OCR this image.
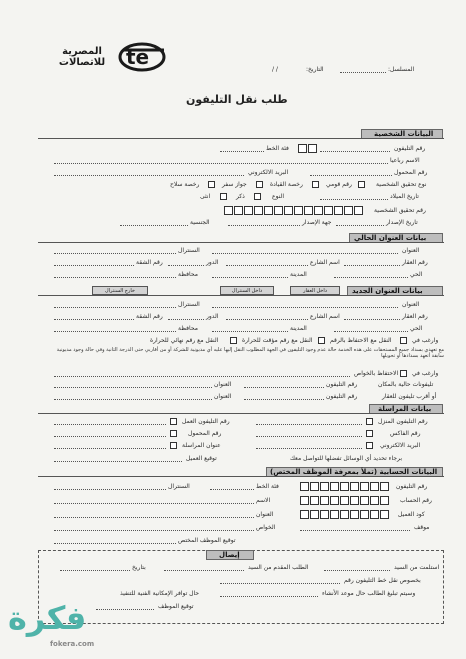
te
المصرية للاتصالات
المسلسل:
التاريخ:
/ /
طلب نقل التليفون
البيانات الشخصية
رقم التليفون
فئة الخط
الاسم رباعيا
رقم المحمول
البريد الالكتروني
نوع تحقيق الشخصية
رقم قومي
رخصة القيادة
جواز سفر
رخصة سلاح
تاريخ الميلاد
النوع
ذكر
انثى
رقم تحقيق الشخصية
تاريخ الإصدار
جهة الإصدار
الجنسية
بيانات العنوان الحالي
العنوان
السنترال
رقم العقار
اسم الشارع
الدور
رقم الشقة
الحي
المدينة
محافظة
بيانات العنوان الجديد
داخل العقار
داخل السنترال
خارج السنترال
العنوان
السنترال
رقم العقار
اسم الشارع
الدور
رقم الشقة
الحي
المدينة
محافظة
وارغب في
النقل مع الاحتفاظ بالرقم
النقل مع رقم مؤقت للحرارة
النقل مع رقم نهائي للحرارة
مع تعهدي بسداد جميع المستحقات على هذه الخدمة حالة عدم وجود التليفون في الجهة المطلوب النقل إليها عليه أي مديونية للشركة أو من أقاربي حتى الدرجة الثانية وفي حالة وجود مديونية سابقة أتعهد بسدادها أو تحويلها
وارغب في
الاحتفاظ بالخواص
تليفونات حالية بالمكان
رقم التليفون
العنوان
أو أقرب تليفون للعقار
رقم التليفون
العنوان
بيانات المراسلة
رقم التليفون المنزل
رقم التليفون العمل
رقم الفاكس
رقم المحمول
البريد الالكتروني
عنوان المراسلة
برجاء تحديد أي الوسائل تفضلها للتواصل معك
توقيع العميل
البيانات الحسابية (تملأ بمعرفة الموظف المختص)
رقم التليفون
فئة الخط
السنترال
رقم الحساب
الاسم
كود العميل
العنوان
موقف
الخواص
توقيع الموظف المختص
إيصال
استلمت من السيد
الطلب المقدم من السيد
بتاريخ
بخصوص نقل خط التليفون رقم
وسيتم تبليغ الطالب حال موعد الأنشاء
حال توافر الإمكانية الفنية للتنفيذ
توقيع الموظف
فكرة
fokera.com
